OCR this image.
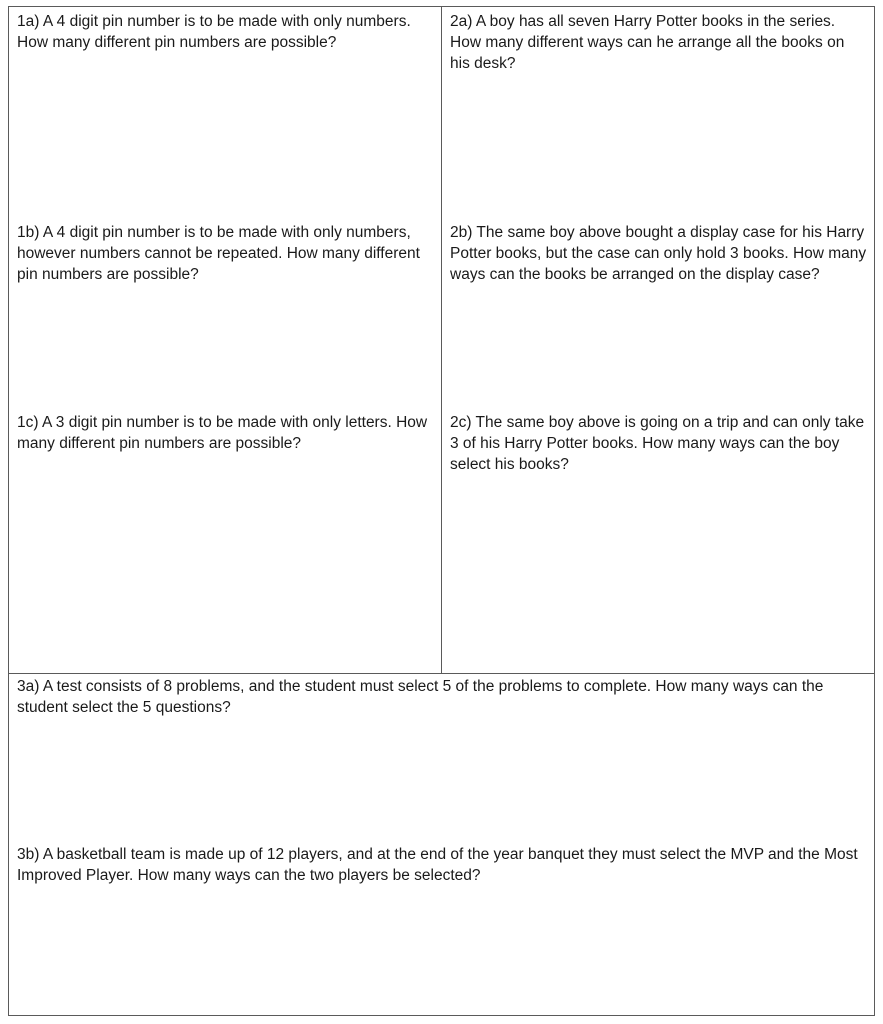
1a) A 4 digit pin number is to be made with only numbers. How many different pin numbers are possible?

1b) A 4 digit pin number is to be made with only numbers, however numbers cannot be repeated. How many different pin numbers are possible?

1c) A 3 digit pin number is to be made with only letters. How many different pin numbers are possible?

2a) A boy has all seven Harry Potter books in the series. How many different ways can he arrange all the books on his desk?

2b) The same boy above bought a display case for his Harry Potter books, but the case can only hold 3 books. How many ways can the books be arranged on the display case?

2c) The same boy above is going on a trip and can only take 3 of his Harry Potter books. How many ways can the boy select his books?

3a) A test consists of 8 problems, and the student must select 5 of the problems to complete. How many ways can the student select the 5 questions?

3b) A basketball team is made up of 12 players, and at the end of the year banquet they must select the MVP and the Most Improved Player. How many ways can the two players be selected?
